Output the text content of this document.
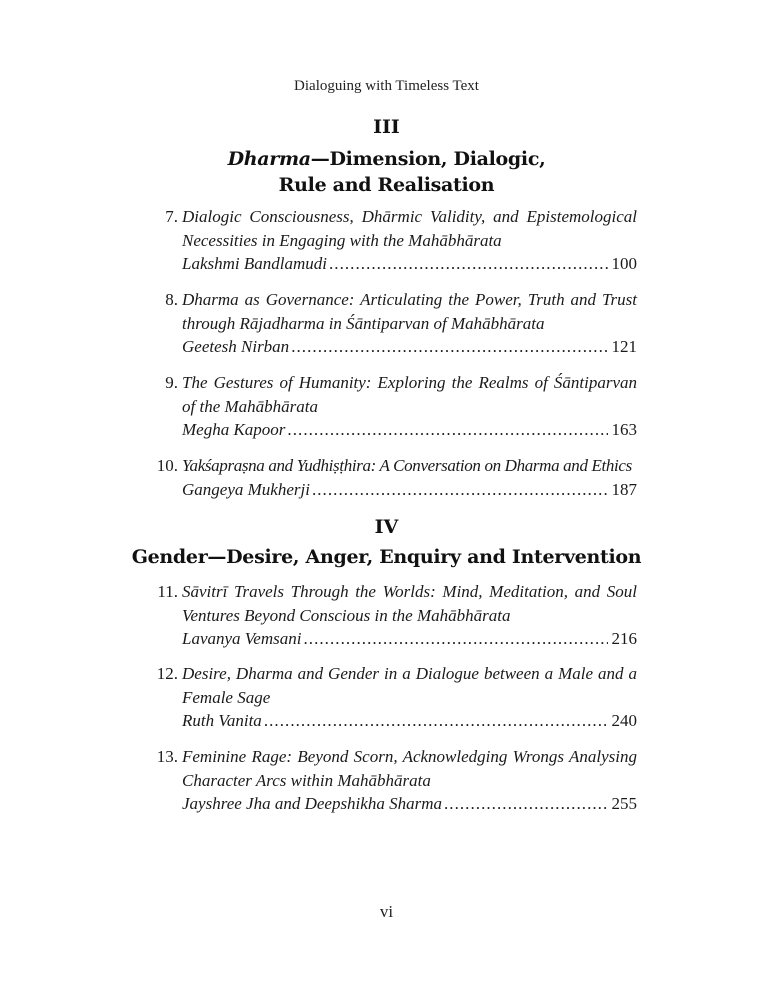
Dialoguing with Timeless Text
III
Dharma—Dimension, Dialogic,
Rule and Realisation
7. Dialogic Consciousness, Dhārmic Validity, and Epistemological Necessities in Engaging with the Mahābhārata
Lakshmi Bandlamudi . . .	100
8. Dharma as Governance: Articulating the Power, Truth and Trust through Rājadharma in Śāntiparvan of Mahābhārata
Geetesh Nirban . . .	121
9. The Gestures of Humanity: Exploring the Realms of Śāntiparvan of the Mahābhārata
Megha Kapoor . . .	163
10. Yakśapraṣna and Yudhiṣṭhira: A Conversation on Dharma and Ethics
Gangeya Mukherji . . .	187
IV
Gender—Desire, Anger, Enquiry and Intervention
11. Sāvitrī Travels Through the Worlds: Mind, Meditation, and Soul Ventures Beyond Conscious in the Mahābhārata
Lavanya Vemsani . . .	216
12. Desire, Dharma and Gender in a Dialogue between a Male and a Female Sage
Ruth Vanita . . .	240
13. Feminine Rage: Beyond Scorn, Acknowledging Wrongs Analysing Character Arcs within Mahābhārata
Jayshree Jha and Deepshikha Sharma . . .	255
vi
